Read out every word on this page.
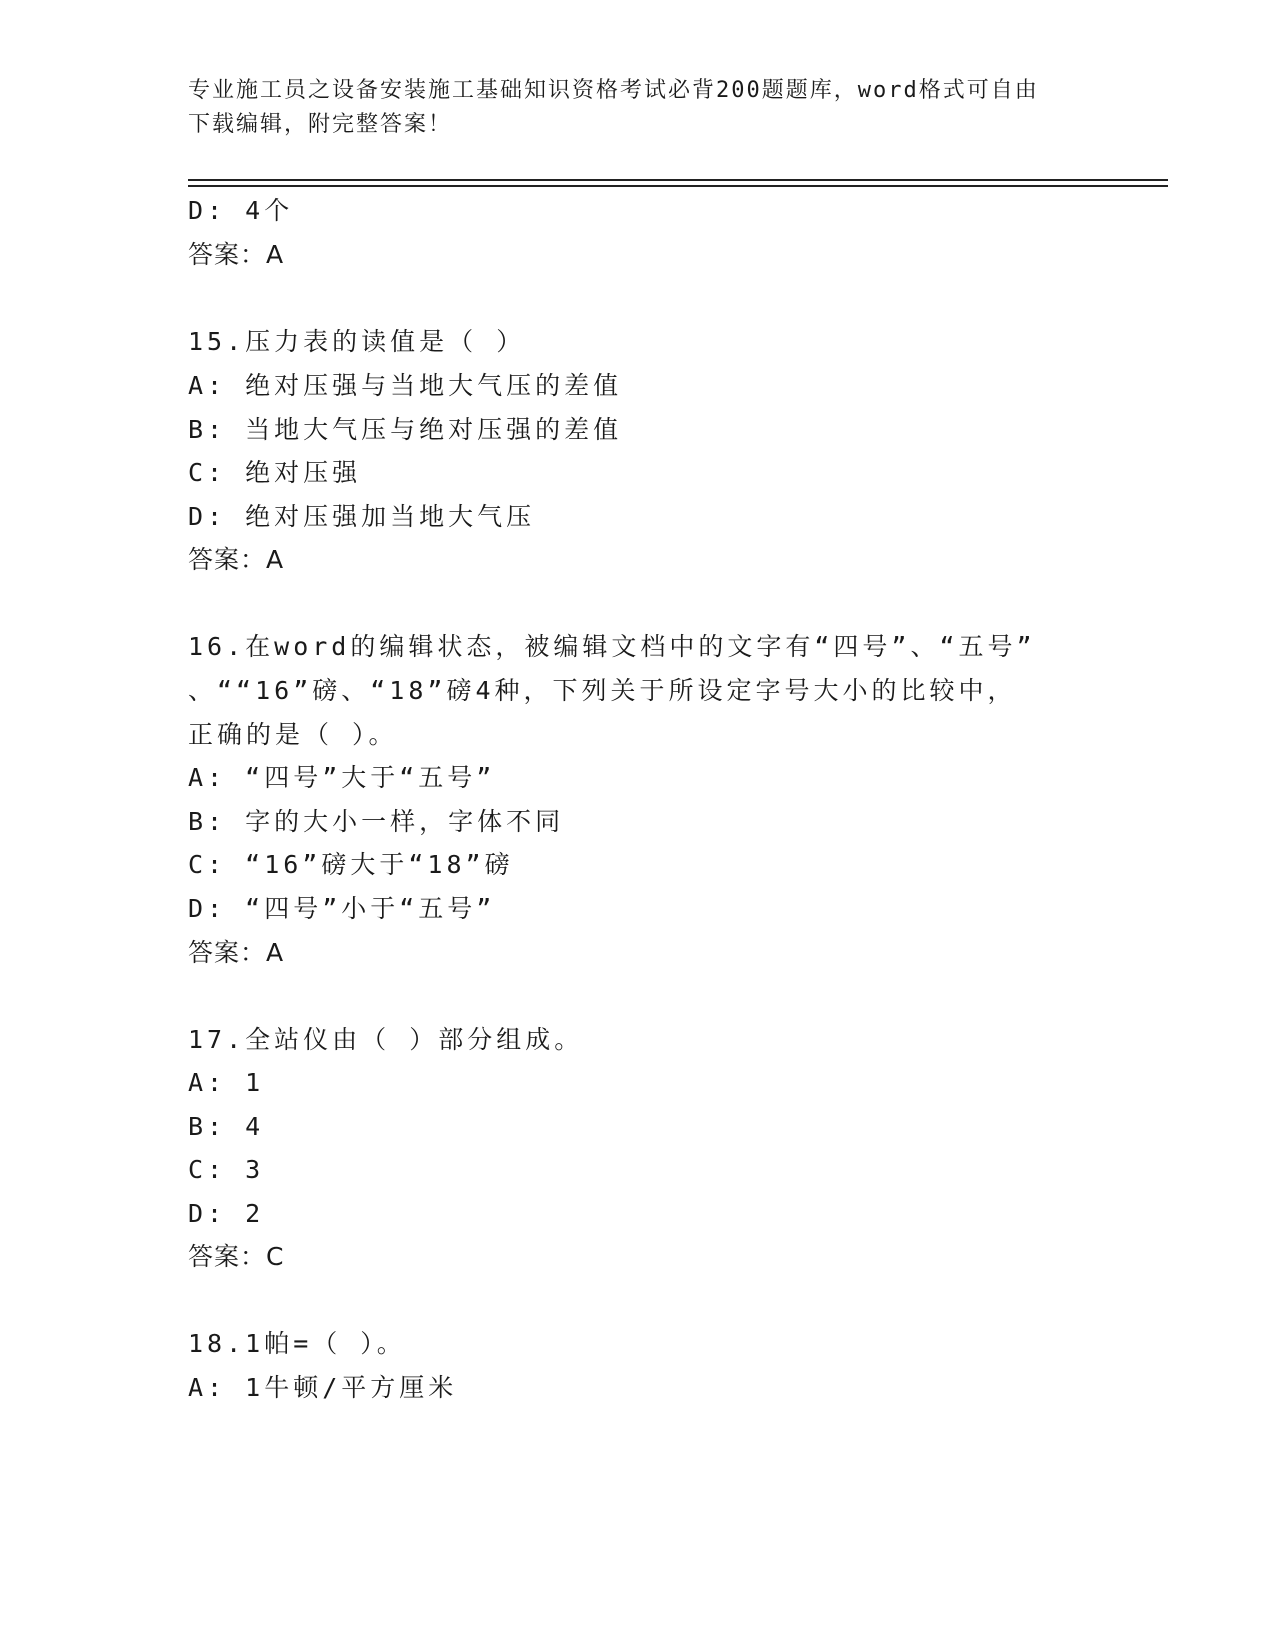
专业施工员之设备安装施工基础知识资格考试必背200题题库，word格式可自由
下载编辑，附完整答案！
D: 4个
答案：A
15.压力表的读值是（ ）
A: 绝对压强与当地大气压的差值
B: 当地大气压与绝对压强的差值
C: 绝对压强
D: 绝对压强加当地大气压
答案：A
16.在word的编辑状态，被编辑文档中的文字有“四号”、“五号”
、““16”磅、“18”磅4种，下列关于所设定字号大小的比较中，
正确的是（ ）。
A: “四号”大于“五号”
B: 字的大小一样，字体不同
C: “16”磅大于“18”磅
D: “四号”小于“五号”
答案：A
17.全站仪由（ ）部分组成。
A: 1
B: 4
C: 3
D: 2
答案：C
18.1帕=（ ）。
A: 1牛顿/平方厘米
